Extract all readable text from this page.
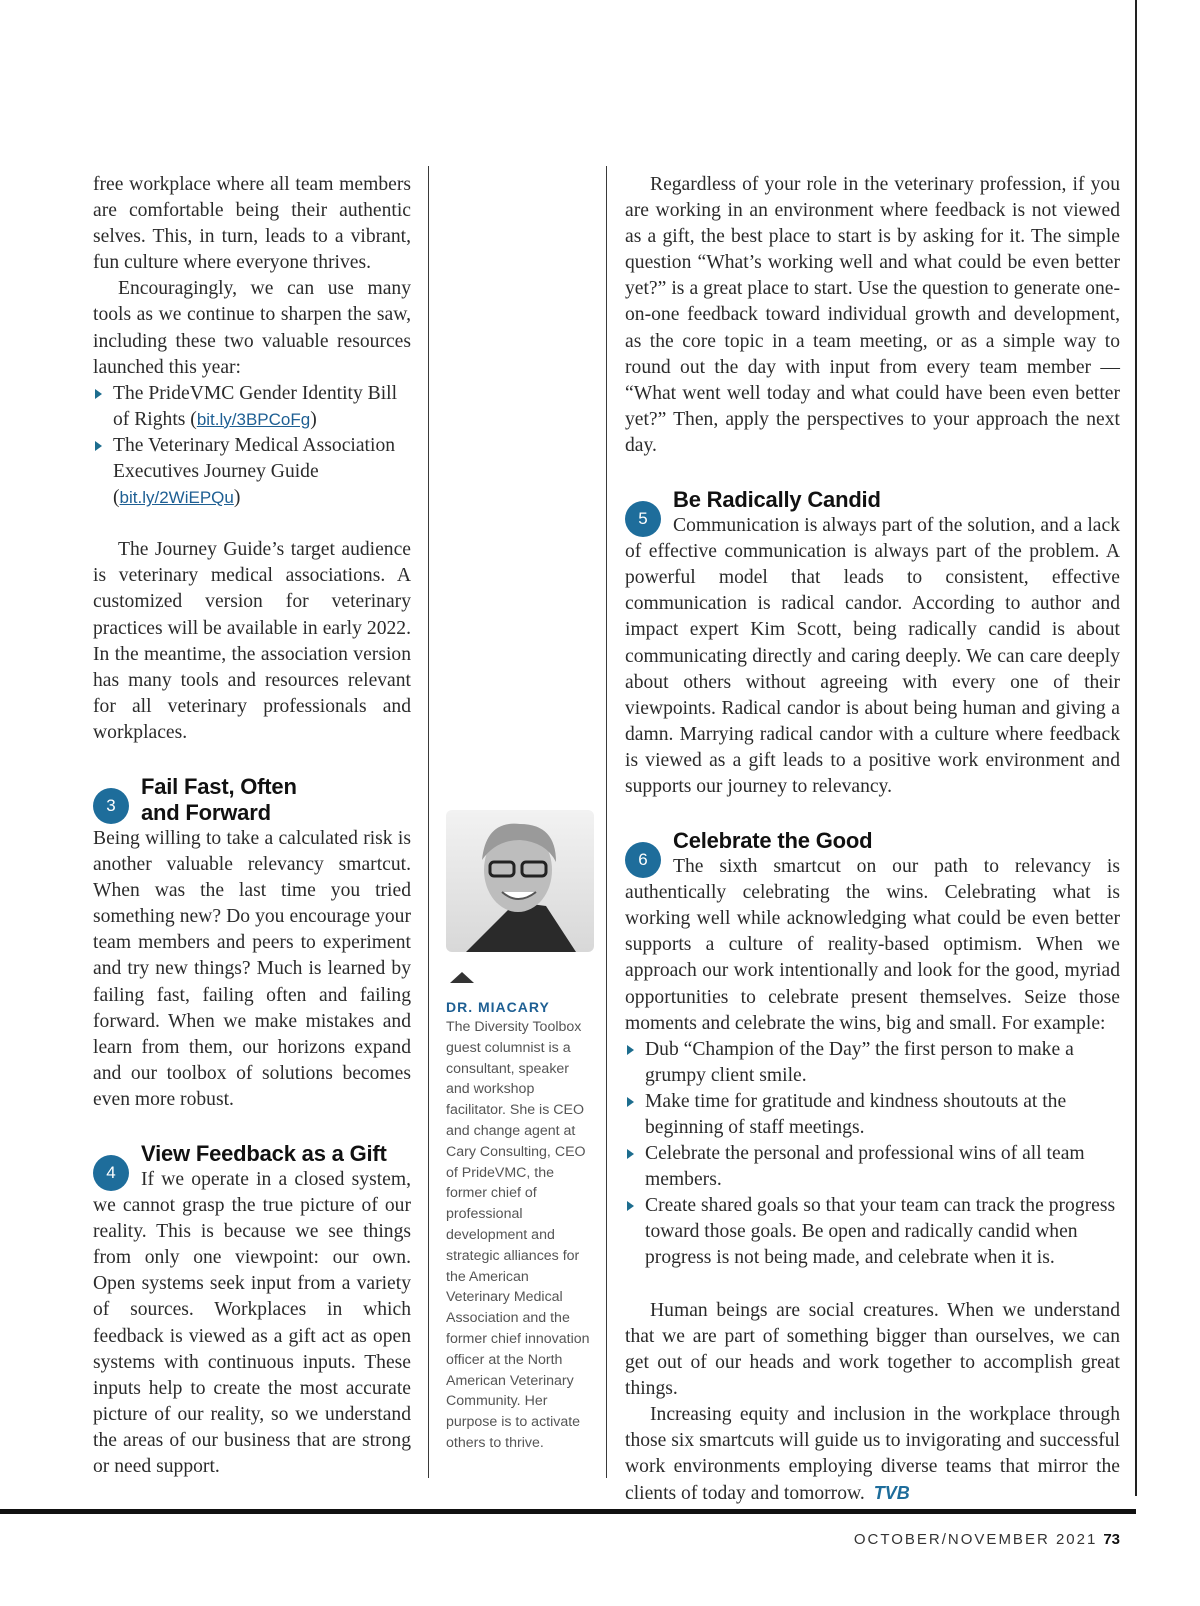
free workplace where all team members are comfortable being their authentic selves. This, in turn, leads to a vibrant, fun culture where everyone thrives.

Encouragingly, we can use many tools as we continue to sharpen the saw, including these two valuable resources launched this year:

The PrideVMC Gender Identity Bill of Rights (bit.ly/3BPCoFg)
The Veterinary Medical Association Executives Journey Guide (bit.ly/2WiEPQu)

The Journey Guide’s target audience is veterinary medical associations. A customized version for veterinary practices will be available in early 2022. In the meantime, the association version has many tools and resources relevant for all veterinary professionals and workplaces.

3
Fail Fast, Often
and Forward

Being willing to take a calculated risk is another valuable relevancy smartcut. When was the last time you tried something new? Do you encourage your team members and peers to experiment and try new things? Much is learned by failing fast, failing often and failing forward. When we make mistakes and learn from them, our horizons expand and our toolbox of solutions becomes even more robust.

4
View Feedback as a Gift

If we operate in a closed system, we cannot grasp the true picture of our reality. This is because we see things from only one viewpoint: our own. Open systems seek input from a variety of sources. Workplaces in which feedback is viewed as a gift act as open systems with continuous inputs. These inputs help to create the most accurate picture of our reality, so we understand the areas of our business that are strong or need support.

DR. MIACARY
The Diversity Toolbox guest columnist is a consultant, speaker and workshop facilitator. She is CEO and change agent at Cary Consulting, CEO of PrideVMC, the former chief of professional development and strategic alliances for the American Veterinary Medical Association and the former chief innovation officer at the North American Veterinary Community. Her purpose is to activate others to thrive.

Regardless of your role in the veterinary profession, if you are working in an environment where feedback is not viewed as a gift, the best place to start is by asking for it. The simple question “What’s working well and what could be even better yet?” is a great place to start. Use the question to generate one-on-one feedback toward individual growth and development, as the core topic in a team meeting, or as a simple way to round out the day with input from every team member — “What went well today and what could have been even better yet?” Then, apply the perspectives to your approach the next day.

5
Be Radically Candid

Communication is always part of the solution, and a lack of effective communication is always part of the problem. A powerful model that leads to consistent, effective communication is radical candor. According to author and impact expert Kim Scott, being radically candid is about communicating directly and caring deeply. We can care deeply about others without agreeing with every one of their viewpoints. Radical candor is about being human and giving a damn. Marrying radical candor with a culture where feedback is viewed as a gift leads to a positive work environment and supports our journey to relevancy.

6
Celebrate the Good

The sixth smartcut on our path to relevancy is authentically celebrating the wins. Celebrating what is working well while acknowledging what could be even better supports a culture of reality-based optimism. When we approach our work intentionally and look for the good, myriad opportunities to celebrate present themselves. Seize those moments and celebrate the wins, big and small. For example:

Dub “Champion of the Day” the first person to make a grumpy client smile.
Make time for gratitude and kindness shoutouts at the beginning of staff meetings.
Celebrate the personal and professional wins of all team members.
Create shared goals so that your team can track the progress toward those goals. Be open and radically candid when progress is not being made, and celebrate when it is.

Human beings are social creatures. When we understand that we are part of something bigger than ourselves, we can get out of our heads and work together to accomplish great things.

Increasing equity and inclusion in the workplace through those six smartcuts will guide us to invigorating and successful work environments employing diverse teams that mirror the clients of today and tomorrow. TVB

OCTOBER/NOVEMBER 2021 73
